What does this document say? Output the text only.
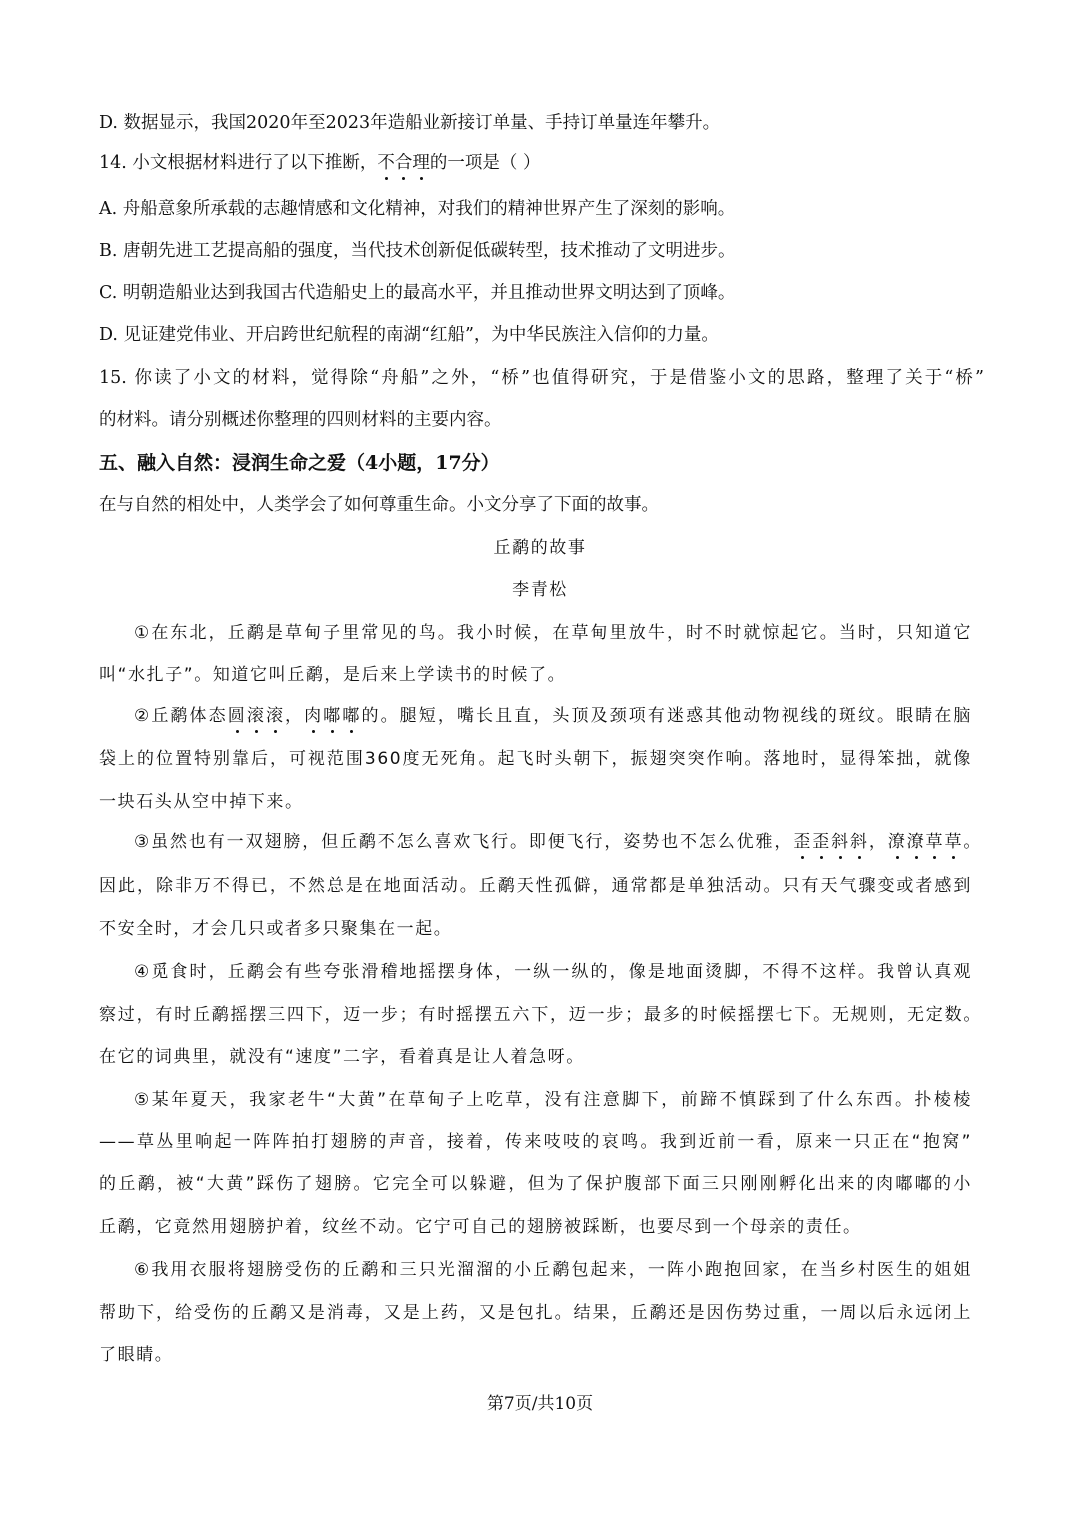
D. 数据显示，我国2020年至2023年造船业新接订单量、手持订单量连年攀升。
14. 小文根据材料进行了以下推断，不合理的一项是（ ）
A. 舟船意象所承载的志趣情感和文化精神，对我们的精神世界产生了深刻的影响。
B. 唐朝先进工艺提高船的强度，当代技术创新促低碳转型，技术推动了文明进步。
C. 明朝造船业达到我国古代造船史上的最高水平，并且推动世界文明达到了顶峰。
D. 见证建党伟业、开启跨世纪航程的南湖“红船”，为中华民族注入信仰的力量。
15. 你读了小文的材料，觉得除“舟船”之外，“桥”也值得研究，于是借鉴小文的思路，整理了关于“桥”
的材料。请分别概述你整理的四则材料的主要内容。
五、融入自然：浸润生命之爱（4小题，17分）
在与自然的相处中，人类学会了如何尊重生命。小文分享了下面的故事。
丘鹬的故事
李青松
①在东北，丘鹬是草甸子里常见的鸟。我小时候，在草甸里放牛，时不时就惊起它。当时，只知道它
叫“水扎子”。知道它叫丘鹬，是后来上学读书的时候了。
②丘鹬体态圆滚滚，肉嘟嘟的。腿短，嘴长且直，头顶及颈项有迷惑其他动物视线的斑纹。眼睛在脑
袋上的位置特别靠后，可视范围360度无死角。起飞时头朝下，振翅突突作响。落地时，显得笨拙，就像
一块石头从空中掉下来。
③虽然也有一双翅膀，但丘鹬不怎么喜欢飞行。即便飞行，姿势也不怎么优雅，歪歪斜斜，潦潦草草。
因此，除非万不得已，不然总是在地面活动。丘鹬天性孤僻，通常都是单独活动。只有天气骤变或者感到
不安全时，才会几只或者多只聚集在一起。
④觅食时，丘鹬会有些夸张滑稽地摇摆身体，一纵一纵的，像是地面烫脚，不得不这样。我曾认真观
察过，有时丘鹬摇摆三四下，迈一步；有时摇摆五六下，迈一步；最多的时候摇摆七下。无规则，无定数。
在它的词典里，就没有“速度”二字，看着真是让人着急呀。
⑤某年夏天，我家老牛“大黄”在草甸子上吃草，没有注意脚下，前蹄不慎踩到了什么东西。扑棱棱
——草丛里响起一阵阵拍打翅膀的声音，接着，传来吱吱的哀鸣。我到近前一看，原来一只正在“抱窝”
的丘鹬，被“大黄”踩伤了翅膀。它完全可以躲避，但为了保护腹部下面三只刚刚孵化出来的肉嘟嘟的小
丘鹬，它竟然用翅膀护着，纹丝不动。它宁可自己的翅膀被踩断，也要尽到一个母亲的责任。
⑥我用衣服将翅膀受伤的丘鹬和三只光溜溜的小丘鹬包起来，一阵小跑抱回家，在当乡村医生的姐姐
帮助下，给受伤的丘鹬又是消毒，又是上药，又是包扎。结果，丘鹬还是因伤势过重，一周以后永远闭上
了眼睛。
第7页/共10页
